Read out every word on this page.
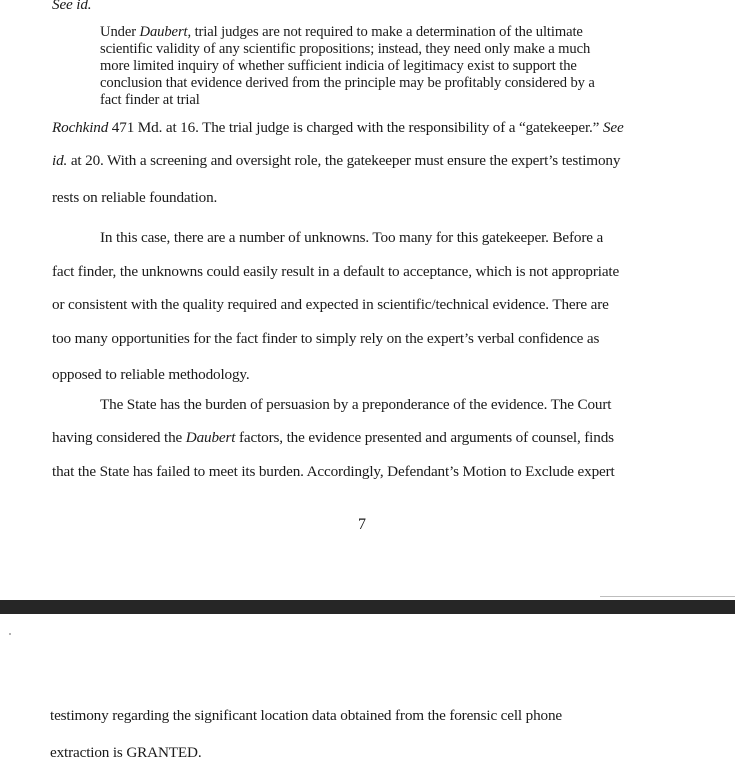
See id.
Under Daubert, trial judges are not required to make a determination of the ultimate
scientific validity of any scientific propositions; instead, they need only make a much
more limited inquiry of whether sufficient indicia of legitimacy exist to support the
conclusion that evidence derived from the principle may be profitably considered by a
fact finder at trial
Rochkind 471 Md. at 16. The trial judge is charged with the responsibility of a “gatekeeper.” See
id. at 20. With a screening and oversight role, the gatekeeper must ensure the expert’s testimony
rests on reliable foundation.
In this case, there are a number of unknowns. Too many for this gatekeeper. Before a
fact finder, the unknowns could easily result in a default to acceptance, which is not appropriate
or consistent with the quality required and expected in scientific/technical evidence. There are
too many opportunities for the fact finder to simply rely on the expert’s verbal confidence as
opposed to reliable methodology.
The State has the burden of persuasion by a preponderance of the evidence. The Court
having considered the Daubert factors, the evidence presented and arguments of counsel, finds
that the State has failed to meet its burden. Accordingly, Defendant’s Motion to Exclude expert
7
testimony regarding the significant location data obtained from the forensic cell phone
extraction is GRANTED.
